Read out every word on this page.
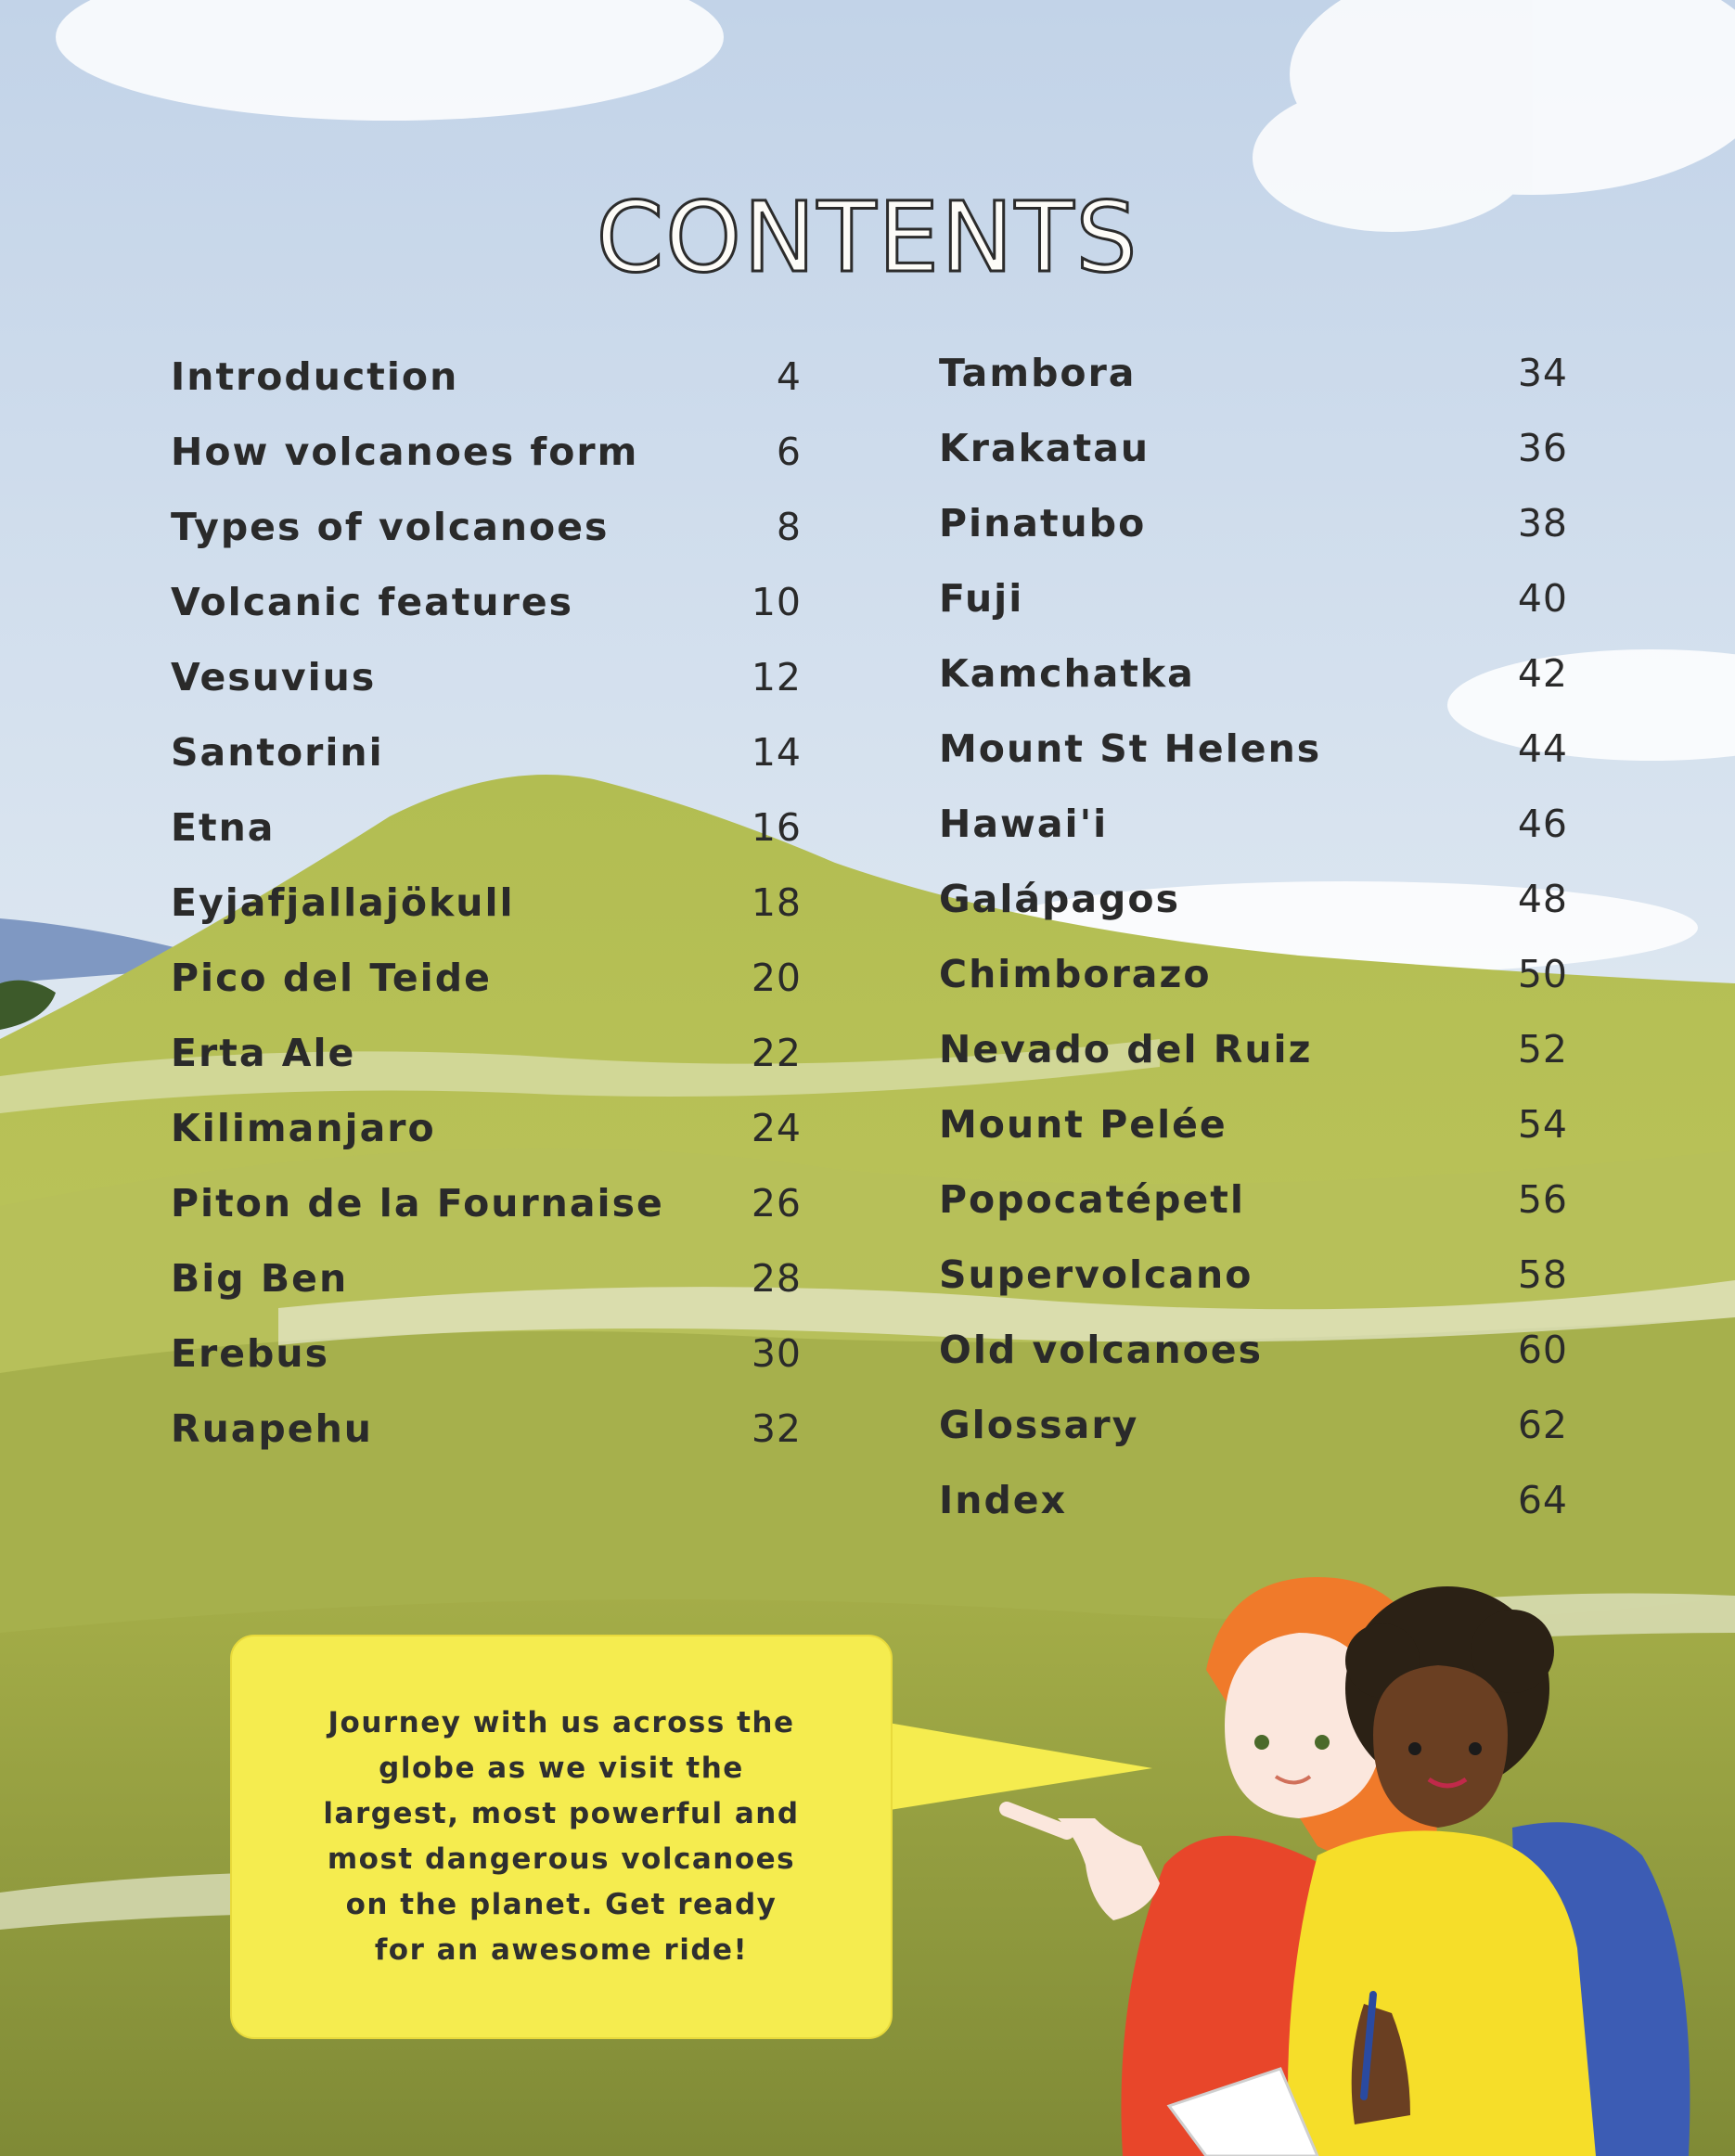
CONTENTS
Introduction	4
How volcanoes form	6
Types of volcanoes	8
Volcanic features	10
Vesuvius	12
Santorini	14
Etna	16
Eyjafjallajökull	18
Pico del Teide	20
Erta Ale	22
Kilimanjaro	24
Piton de la Fournaise 26
Big Ben	28
Erebus	30
Ruapehu	32
Tambora	34
Krakatau	36
Pinatubo	38
Fuji	40
Kamchatka	42
Mount St Helens	44
Hawai'i	46
Galápagos	48
Chimborazo	50
Nevado del Ruiz	52
Mount Pelée	54
Popocatépetl	56
Supervolcano	58
Old volcanoes	60
Glossary	62
Index	64

Journey with us across the globe as we visit the largest, most powerful and most dangerous volcanoes on the planet. Get ready for an awesome ride!
